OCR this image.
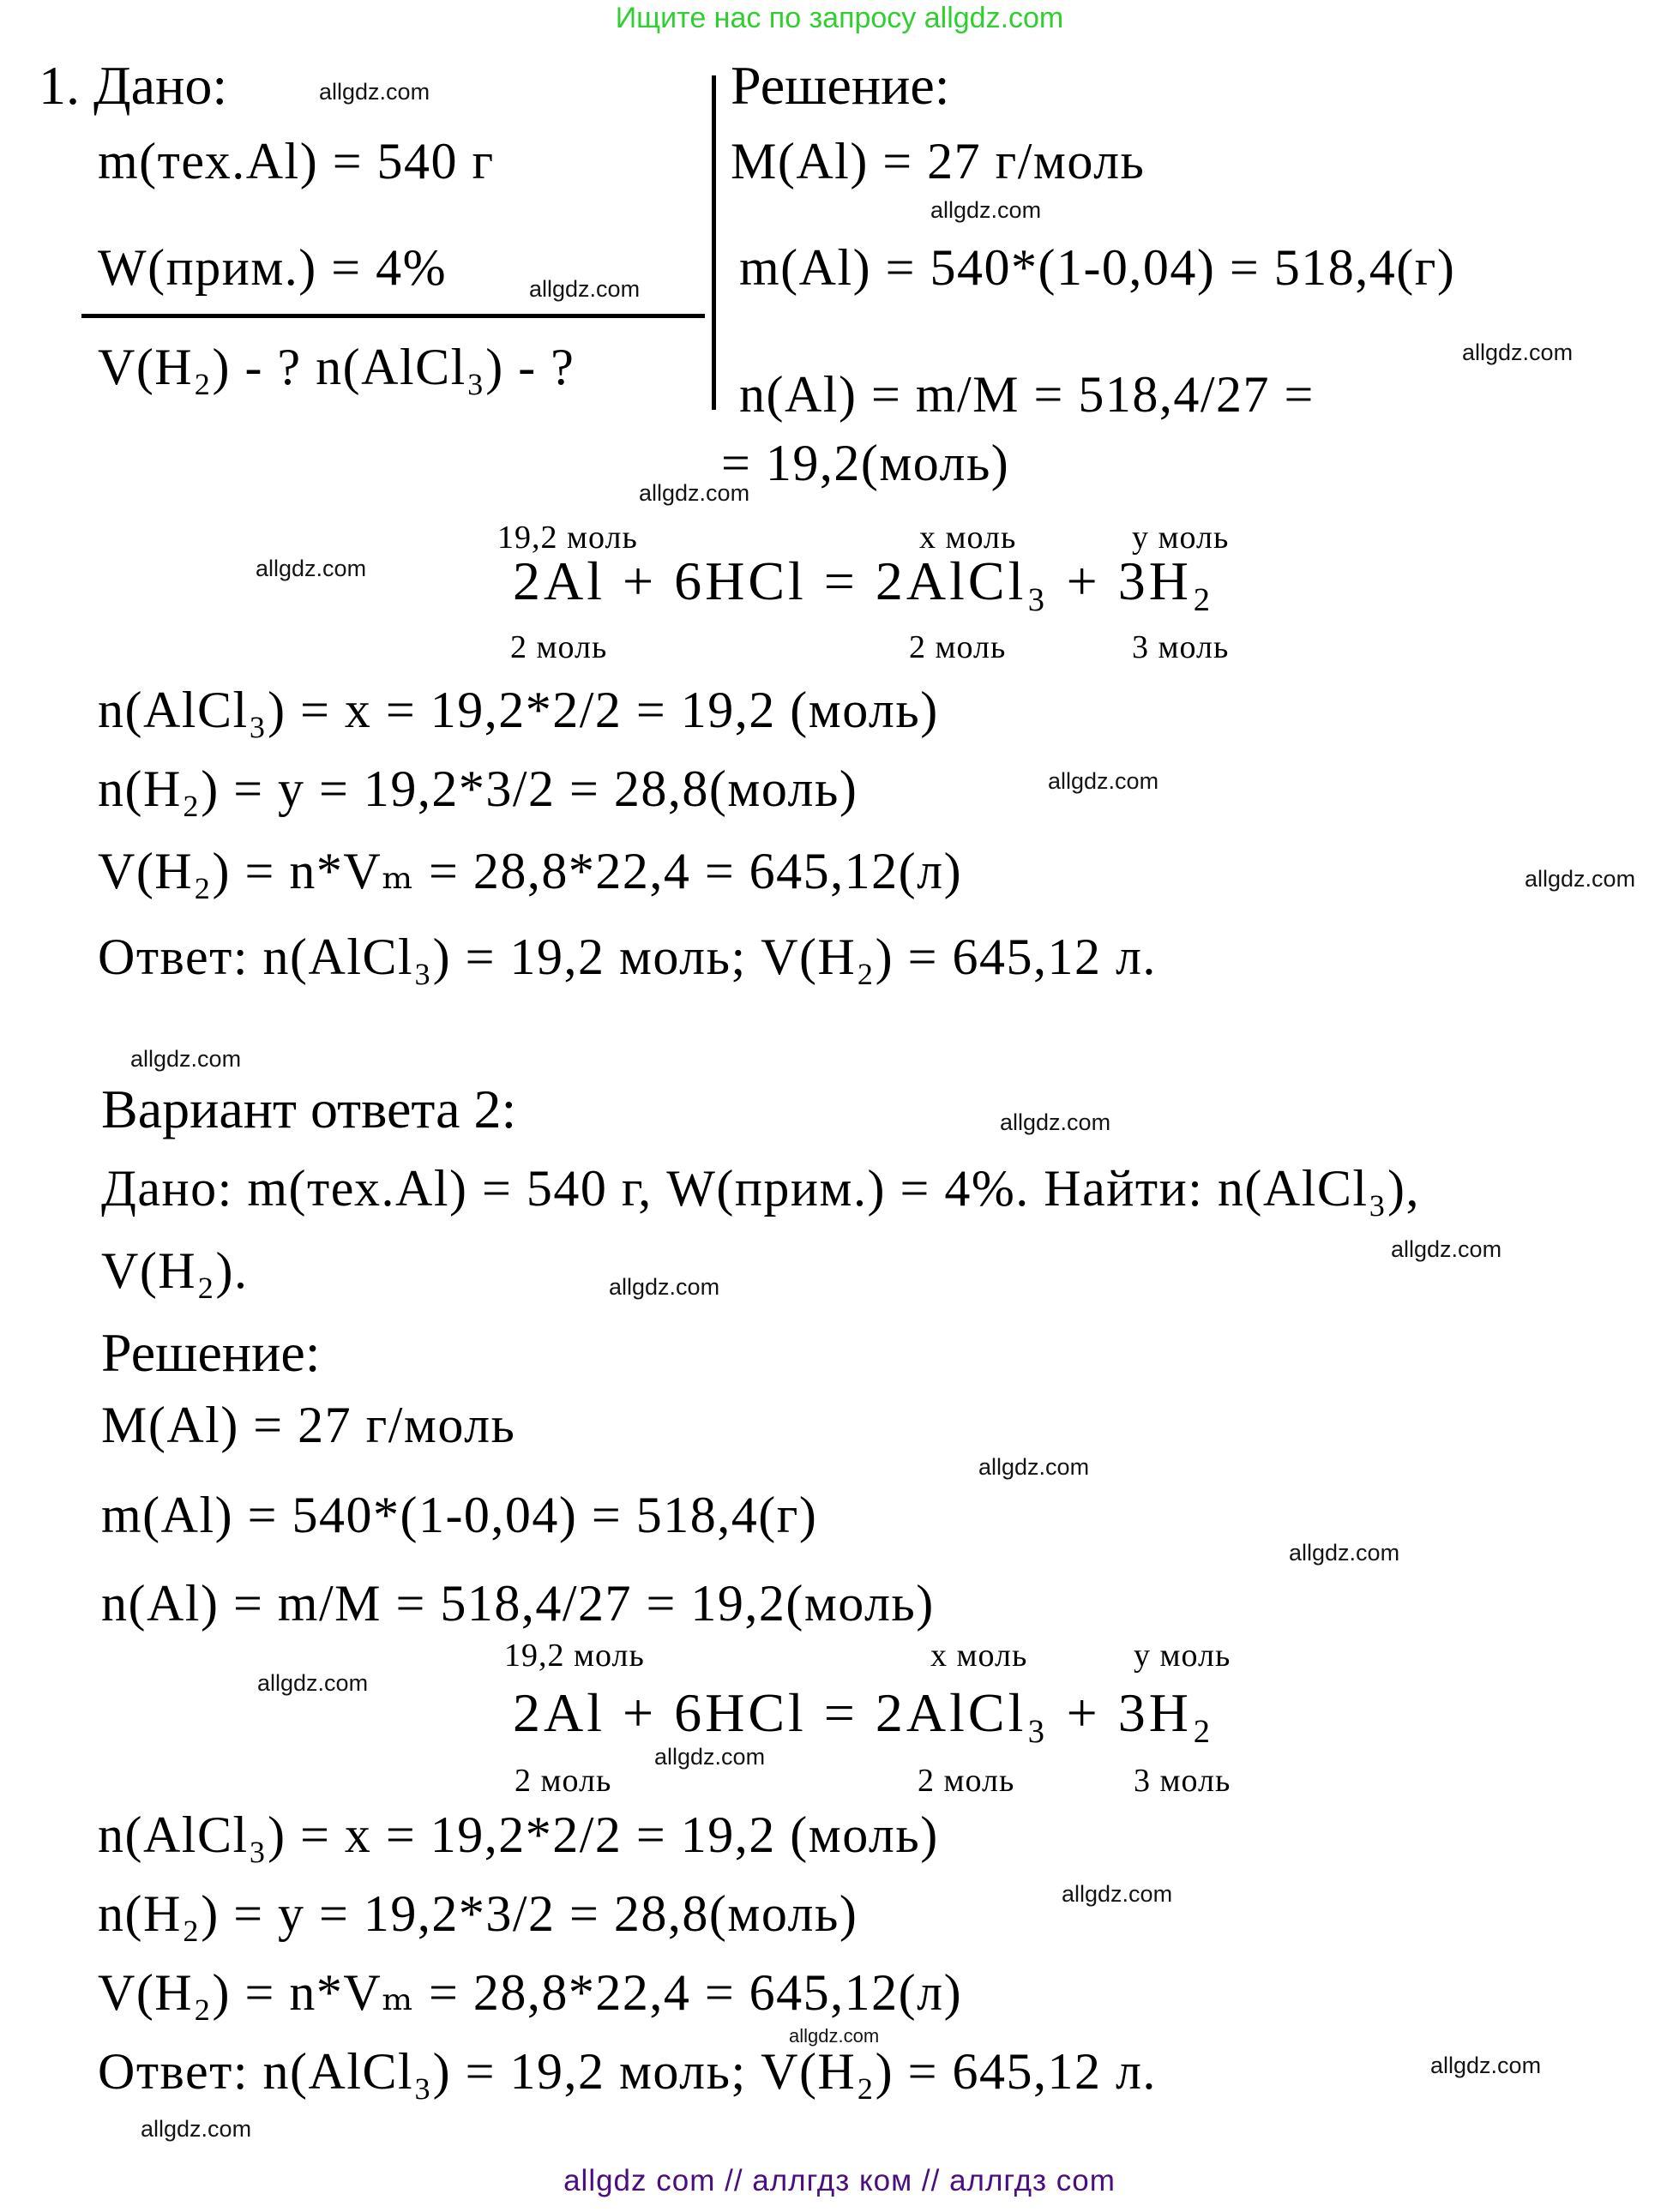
Ищите нас по запросу allgdz.com
1. Дано:	allgdz.com
m(тех.Al) = 540 г
W(прим.) = 4%	allgdz.com
V(H₂) - ? n(AlCl₃) - ?
Решение:
M(Al) = 27 г/моль
allgdz.com
m(Al) = 540*(1-0,04) = 518,4(г)
allgdz.com
n(Al) = m/M = 518,4/27 =
allgdz.com
= 19,2(моль)
19,2 моль	x моль	y моль
allgdz.com	2Al + 6HCl = 2AlCl₃ + 3H₂
2 моль	2 моль	3 моль
n(AlCl₃) = x = 19,2*2/2 = 19,2 (моль)
n(H₂) = y = 19,2*3/2 = 28,8(моль)	allgdz.com
V(H₂) = n*Vₘ = 28,8*22,4 = 645,12(л)	allgdz.com
Ответ: n(AlCl₃) = 19,2 моль; V(H₂) = 645,12 л.
allgdz.com
Вариант ответа 2:	allgdz.com
Дано: m(тех.Al) = 540 г, W(прим.) = 4%. Найти: n(AlCl₃),
allgdz.com
V(H₂).	allgdz.com
Решение:
M(Al) = 27 г/моль
allgdz.com
m(Al) = 540*(1-0,04) = 518,4(г)
allgdz.com
n(Al) = m/M = 518,4/27 = 19,2(моль)
19,2 моль	x моль	y моль
allgdz.com	2Al + 6HCl = 2AlCl₃ + 3H₂
allgdz.com
2 моль	2 моль	3 моль
n(AlCl₃) = x = 19,2*2/2 = 19,2 (моль)
n(H₂) = y = 19,2*3/2 = 28,8(моль)	allgdz.com
V(H₂) = n*Vₘ = 28,8*22,4 = 645,12(л)
allgdz.com
Ответ: n(AlCl₃) = 19,2 моль; V(H₂) = 645,12 л.	allgdz.com
allgdz.com
allgdz com // аллгдз ком // аллгдз com
